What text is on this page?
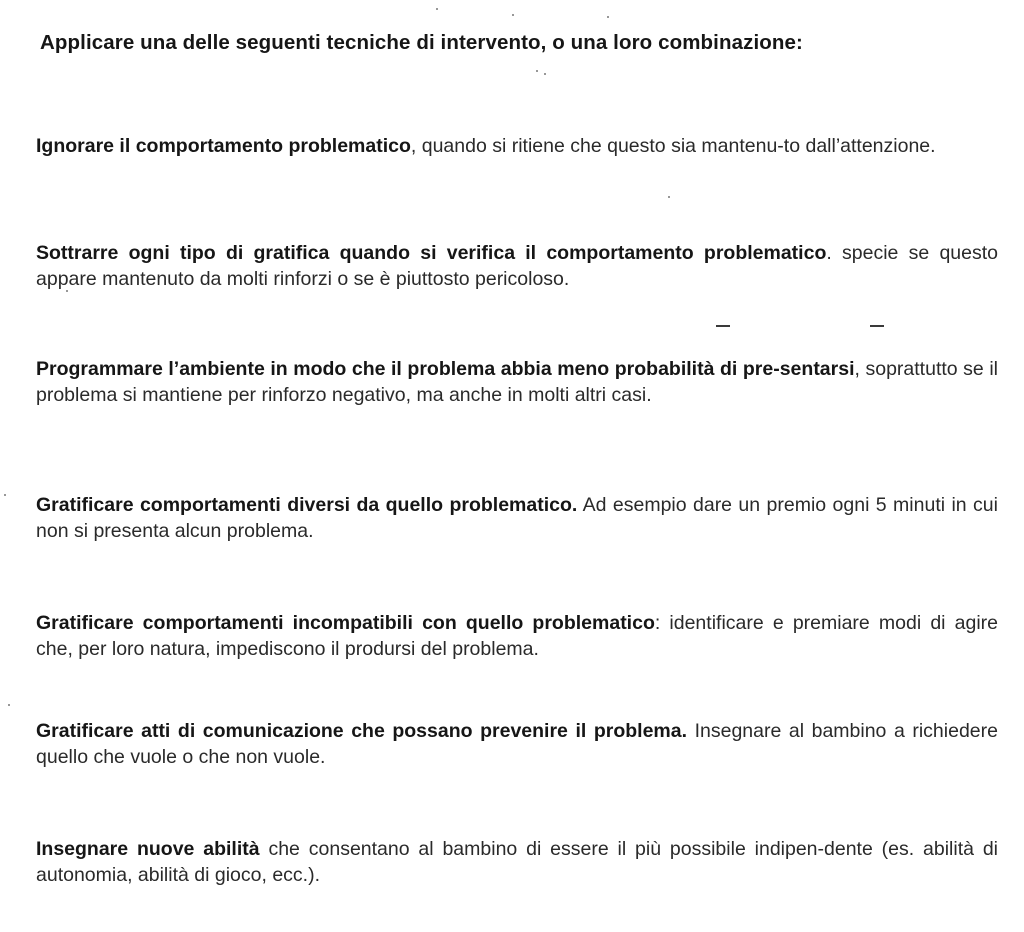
Applicare una delle seguenti tecniche di intervento, o una loro combinazione:
Ignorare il comportamento problematico, quando si ritiene che questo sia mantenu-to dall’attenzione.
Sottrarre ogni tipo di gratifica quando si verifica il comportamento problematico. specie se questo appare mantenuto da molti rinforzi o se è piuttosto pericoloso.
Programmare l’ambiente in modo che il problema abbia meno probabilità di pre-sentarsi, soprattutto se il problema si mantiene per rinforzo negativo, ma anche in molti altri casi.
Gratificare comportamenti diversi da quello problematico. Ad esempio dare un premio ogni 5 minuti in cui non si presenta alcun problema.
Gratificare comportamenti incompatibili con quello problematico: identificare e premiare modi di agire che, per loro natura, impediscono il prodursi del problema.
Gratificare atti di comunicazione che possano prevenire il problema. Insegnare al bambino a richiedere quello che vuole o che non vuole.
Insegnare nuove abilità che consentano al bambino di essere il più possibile indipen-dente (es. abilità di autonomia, abilità di gioco, ecc.).
